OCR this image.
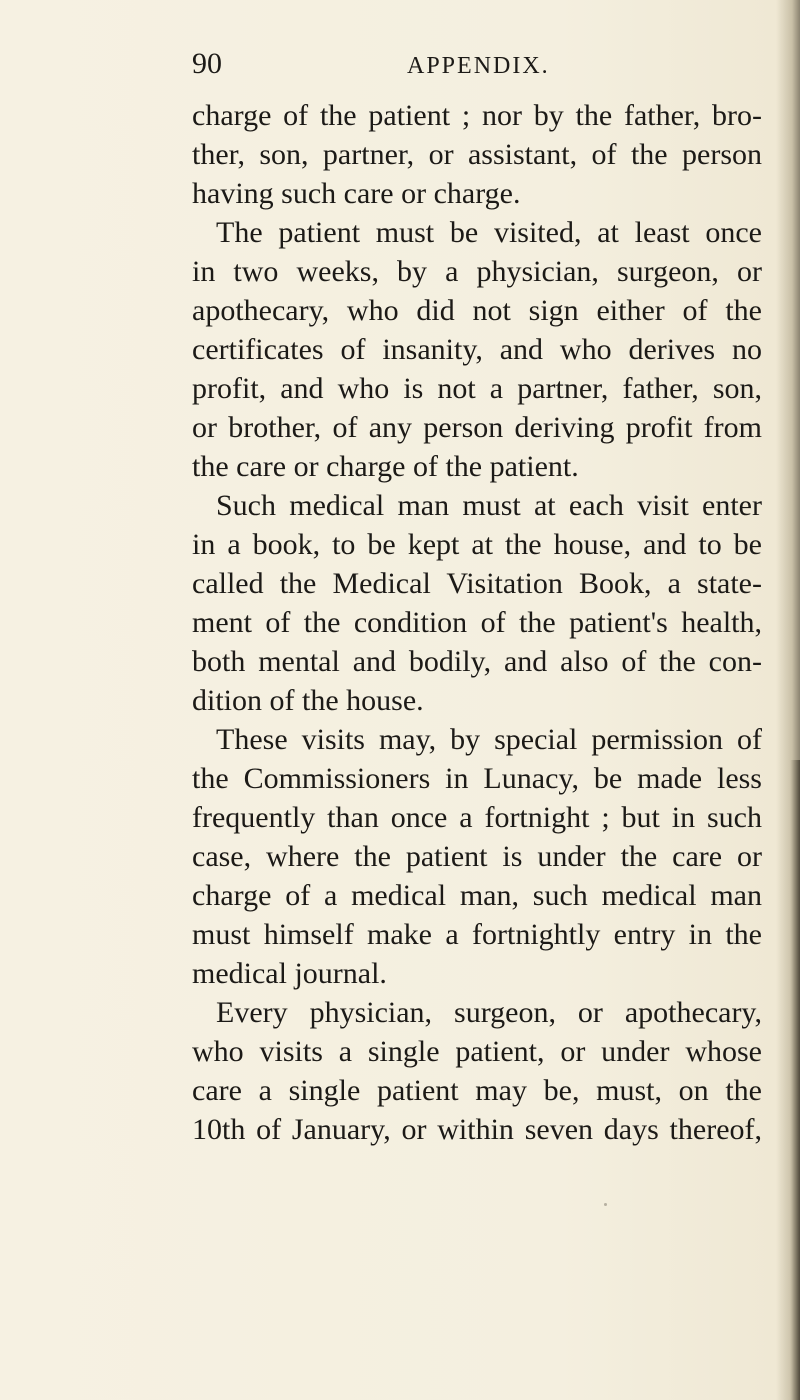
90	APPENDIX.
charge of the patient ; nor by the father, bro-
ther, son, partner, or assistant, of the person
having such care or charge.
The patient must be visited, at least once
in two weeks, by a physician, surgeon, or
apothecary, who did not sign either of the
certificates of insanity, and who derives no
profit, and who is not a partner, father, son,
or brother, of any person deriving profit from
the care or charge of the patient.
Such medical man must at each visit enter
in a book, to be kept at the house, and to be
called the Medical Visitation Book, a state-
ment of the condition of the patient's health,
both mental and bodily, and also of the con-
dition of the house.
These visits may, by special permission of
the Commissioners in Lunacy, be made less
frequently than once a fortnight ; but in such
case, where the patient is under the care or
charge of a medical man, such medical man
must himself make a fortnightly entry in the
medical journal.
Every physician, surgeon, or apothecary,
who visits a single patient, or under whose
care a single patient may be, must, on the
10th of January, or within seven days thereof,
